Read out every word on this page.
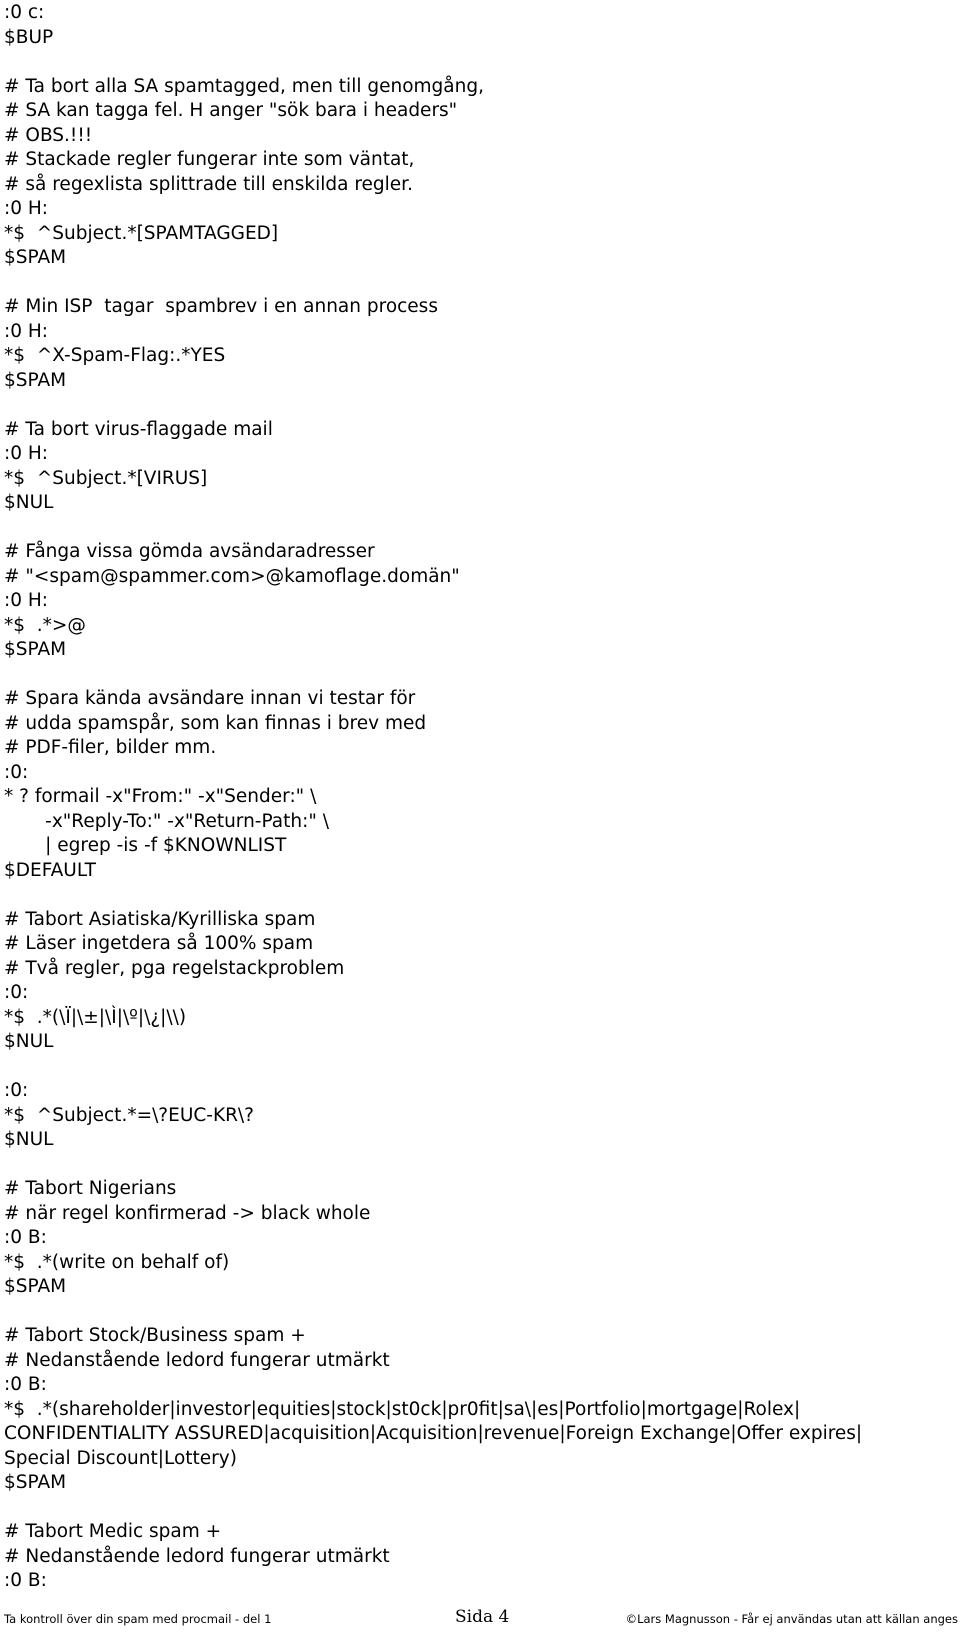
:0 c:
$BUP
# Ta bort alla SA spamtagged, men till genomgång,
# SA kan tagga fel. H anger "sök bara i headers"
# OBS.!!!
# Stackade regler fungerar inte som väntat,
# så regexlista splittrade till enskilda regler.
:0 H:
*$  ^Subject.*[SPAMTAGGED]
$SPAM
# Min ISP  tagar  spambrev i en annan process
:0 H:
*$  ^X-Spam-Flag:.*YES
$SPAM
# Ta bort virus-flaggade mail
:0 H:
*$  ^Subject.*[VIRUS]
$NUL
# Fånga vissa gömda avsändaradresser
# "<spam@spammer.com>@kamoflage.domän"
:0 H:
*$  .*>@
$SPAM
# Spara kända avsändare innan vi testar för
# udda spamspår, som kan finnas i brev med
# PDF-filer, bilder mm.
:0:
* ? formail -x"From:" -x"Sender:" \
-x"Reply-To:" -x"Return-Path:" \
| egrep -is -f $KNOWNLIST
$DEFAULT
# Tabort Asiatiska/Kyrilliska spam
# Läser ingetdera så 100% spam
# Två regler, pga regelstackproblem
:0:
*$  .*(\Ï|\±|\Ì|\º|\¿|\\)
$NUL
:0:
*$  ^Subject.*=\?EUC-KR\?
$NUL
# Tabort Nigerians
# när regel konfirmerad -> black whole
:0 B:
*$  .*(write on behalf of)
$SPAM
# Tabort Stock/Business spam +
# Nedanstående ledord fungerar utmärkt
:0 B:
*$  .*(shareholder|investor|equities|stock|st0ck|pr0fit|sa\|es|Portfolio|mortgage|Rolex|
CONFIDENTIALITY ASSURED|acquisition|Acquisition|revenue|Foreign Exchange|Offer expires|
Special Discount|Lottery)
$SPAM
# Tabort Medic spam +
# Nedanstående ledord fungerar utmärkt
:0 B:
Ta kontroll över din spam med procmail - del 1	Sida 4	©Lars Magnusson - Får ej användas utan att källan anges
